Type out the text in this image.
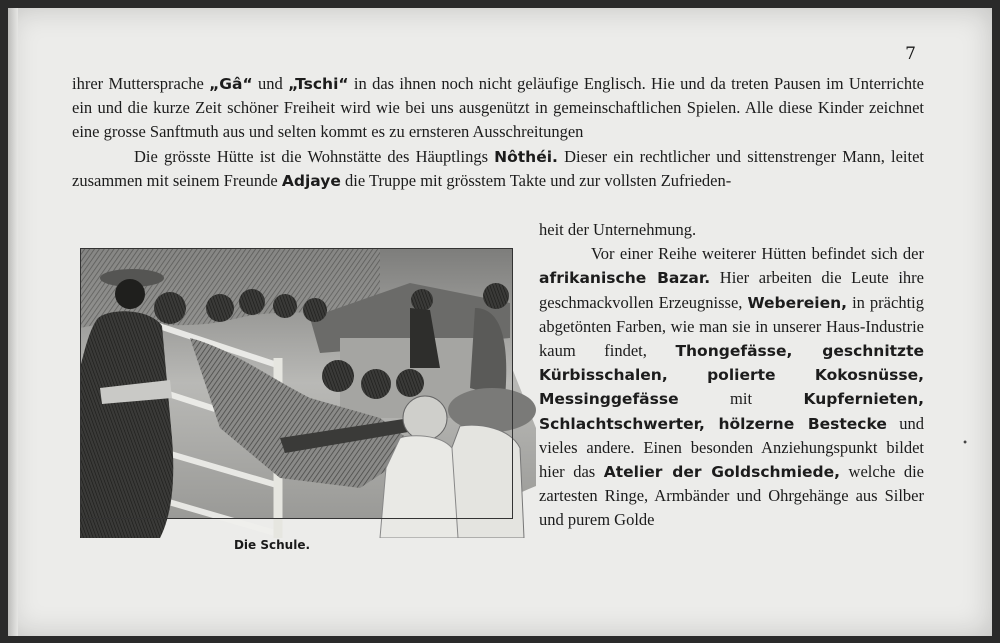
7

ihrer Muttersprache „Gâ“ und „Tschi“ in das ihnen noch nicht geläufige Englisch. Hie und da treten Pausen im Unterrichte ein und die kurze Zeit schöner Freiheit wird wie bei uns ausgenützt in gemeinschaftlichen Spielen. Alle diese Kinder zeichnet eine grosse Sanftmuth aus und selten kommt es zu ernsteren Ausschreitungen

Die grösste Hütte ist die Wohnstätte des Häuptlings Nôthéi. Dieser ein rechtlicher und sittenstrenger Mann, leitet zusammen mit seinem Freunde Adjaye die Truppe mit grösstem Takte und zur vollsten Zufrieden-

Die Schule.

heit der Unternehmung.

Vor einer Reihe weiterer Hütten befindet sich der afrikanische Bazar. Hier arbeiten die Leute ihre geschmackvollen Erzeugnisse, Webereien, in prächtig abgetönten Farben, wie man sie in unserer Haus-Industrie kaum findet, Thongefässe, geschnitzte Kürbisschalen, polierte Kokosnüsse, Messinggefässe mit Kupfernieten, Schlachtschwerter, hölzerne Bestecke und vieles andere. Einen besonden Anziehungspunkt bildet hier das Atelier der Goldschmiede, welche die zartesten Ringe, Armbänder und Ohrgehänge aus Silber und purem Golde

•
